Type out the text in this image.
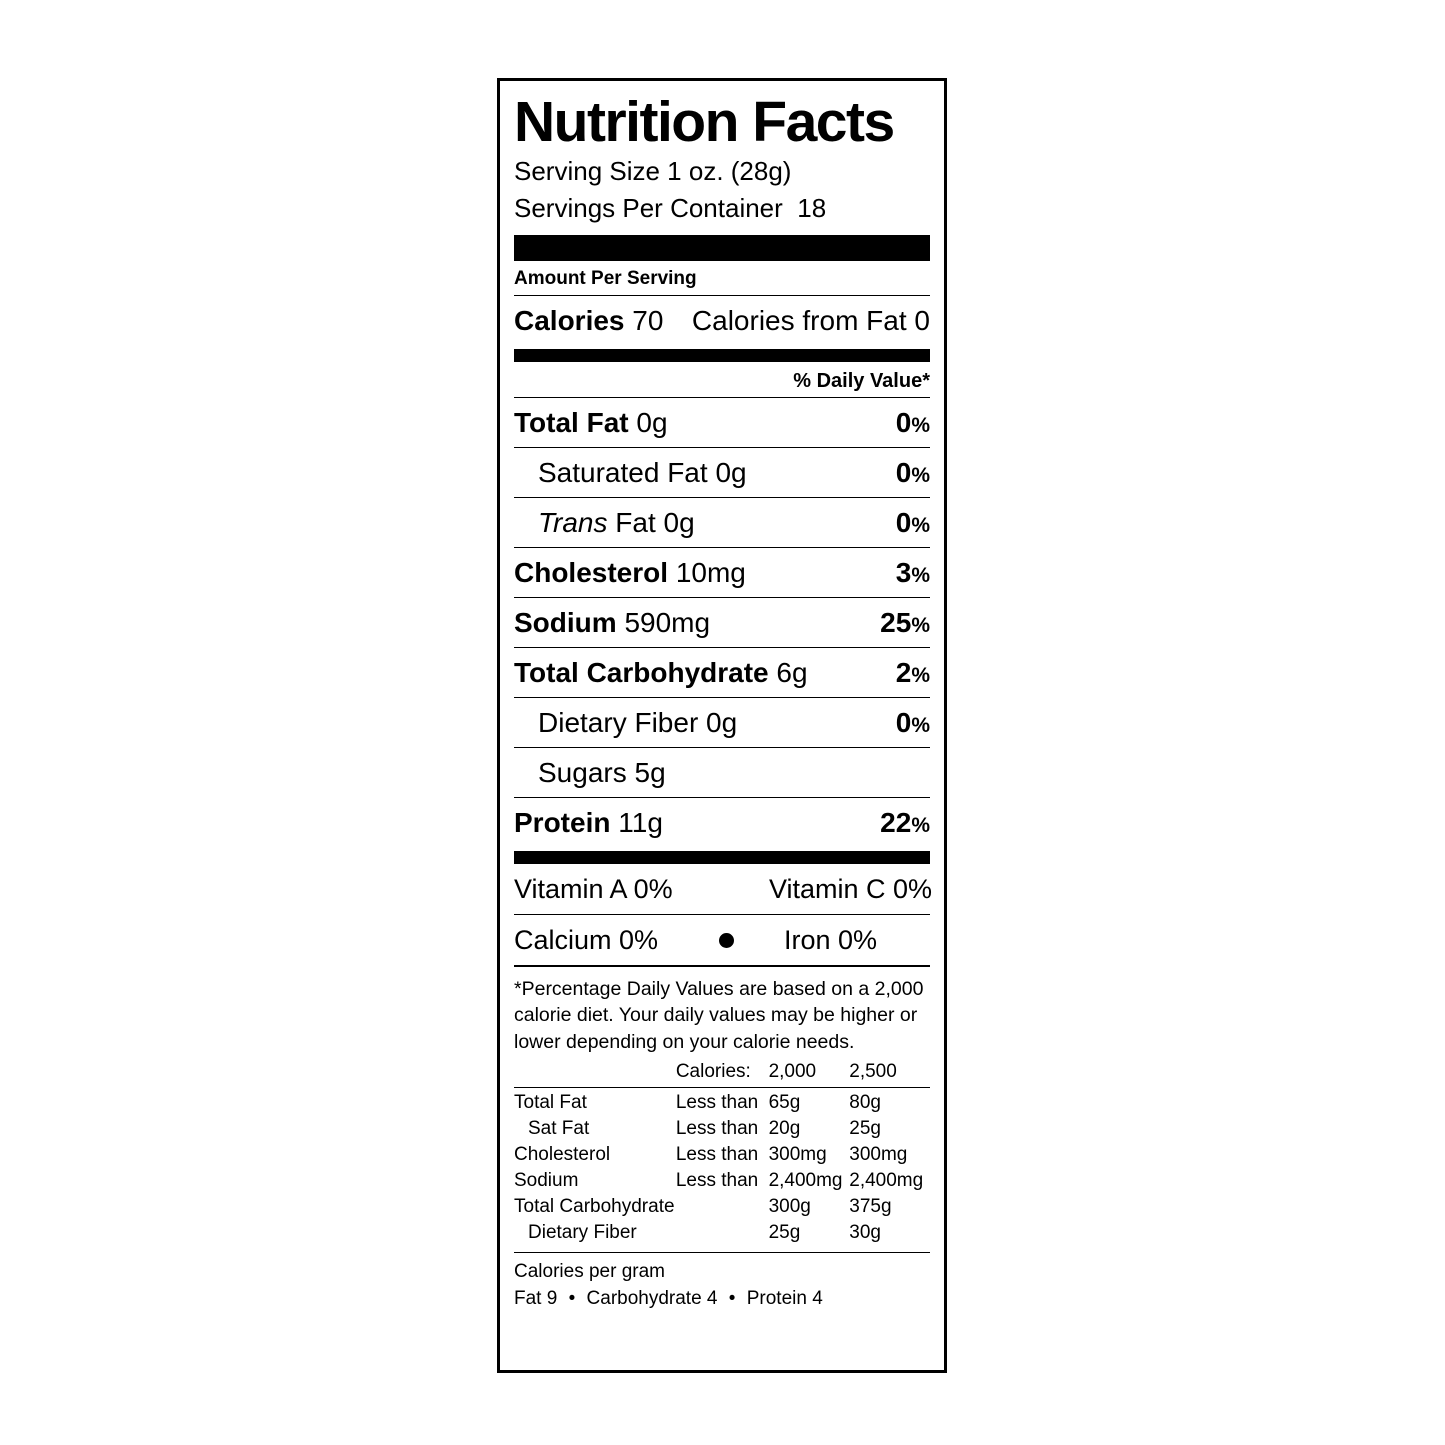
Nutrition Facts
Serving Size 1 oz. (28g)
Servings Per Container  18
Amount Per Serving
Calories 70 Calories from Fat 0
% Daily Value*
Total Fat 0g	0%
Saturated Fat 0g	0%
Trans Fat 0g	0%
Cholesterol 10mg	3%
Sodium 590mg	25%
Total Carbohydrate 6g	2%
Dietary Fiber 0g	0%
Sugars 5g
Protein 11g	22%
Vitamin A 0%	Vitamin C 0%
Calcium 0%	Iron 0%
*Percentage Daily Values are based on a 2,000 calorie diet. Your daily values may be higher or lower depending on your calorie needs.
	Calories:	2,000	2,500
Total Fat	Less than	65g	80g
Sat Fat	Less than	20g	25g
Cholesterol	Less than	300mg	300mg
Sodium	Less than	2,400mg	2,400mg
Total Carbohydrate		300g	375g
Dietary Fiber		25g	30g
Calories per gram
Fat 9 • Carbohydrate 4 • Protein 4
